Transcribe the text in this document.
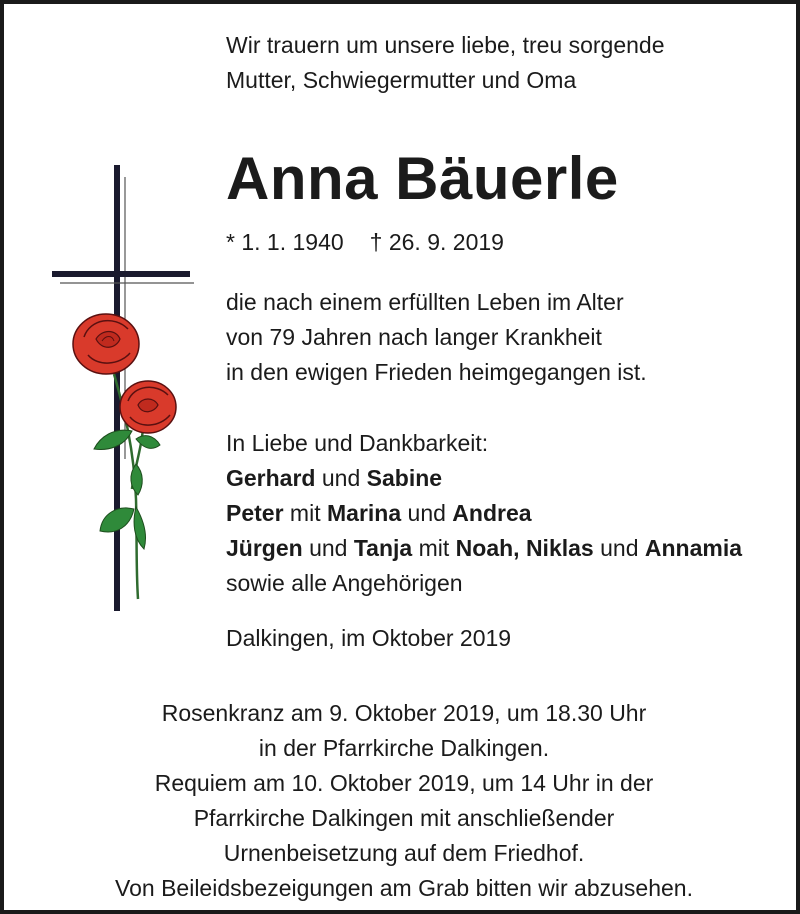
Wir trauern um unsere liebe, treu sorgende
Mutter, Schwiegermutter und Oma
Anna Bäuerle
* 1. 1. 1940 † 26. 9. 2019
die nach einem erfüllten Leben im Alter
von 79 Jahren nach langer Krankheit
in den ewigen Frieden heimgegangen ist.
In Liebe und Dankbarkeit:
Gerhard und Sabine
Peter mit Marina und Andrea
Jürgen und Tanja mit Noah, Niklas und Annamia
sowie alle Angehörigen
Dalkingen, im Oktober 2019
Rosenkranz am 9. Oktober 2019, um 18.30 Uhr
in der Pfarrkirche Dalkingen.
Requiem am 10. Oktober 2019, um 14 Uhr in der
Pfarrkirche Dalkingen mit anschließender
Urnenbeisetzung auf dem Friedhof.
Von Beileidsbezeigungen am Grab bitten wir abzusehen.
